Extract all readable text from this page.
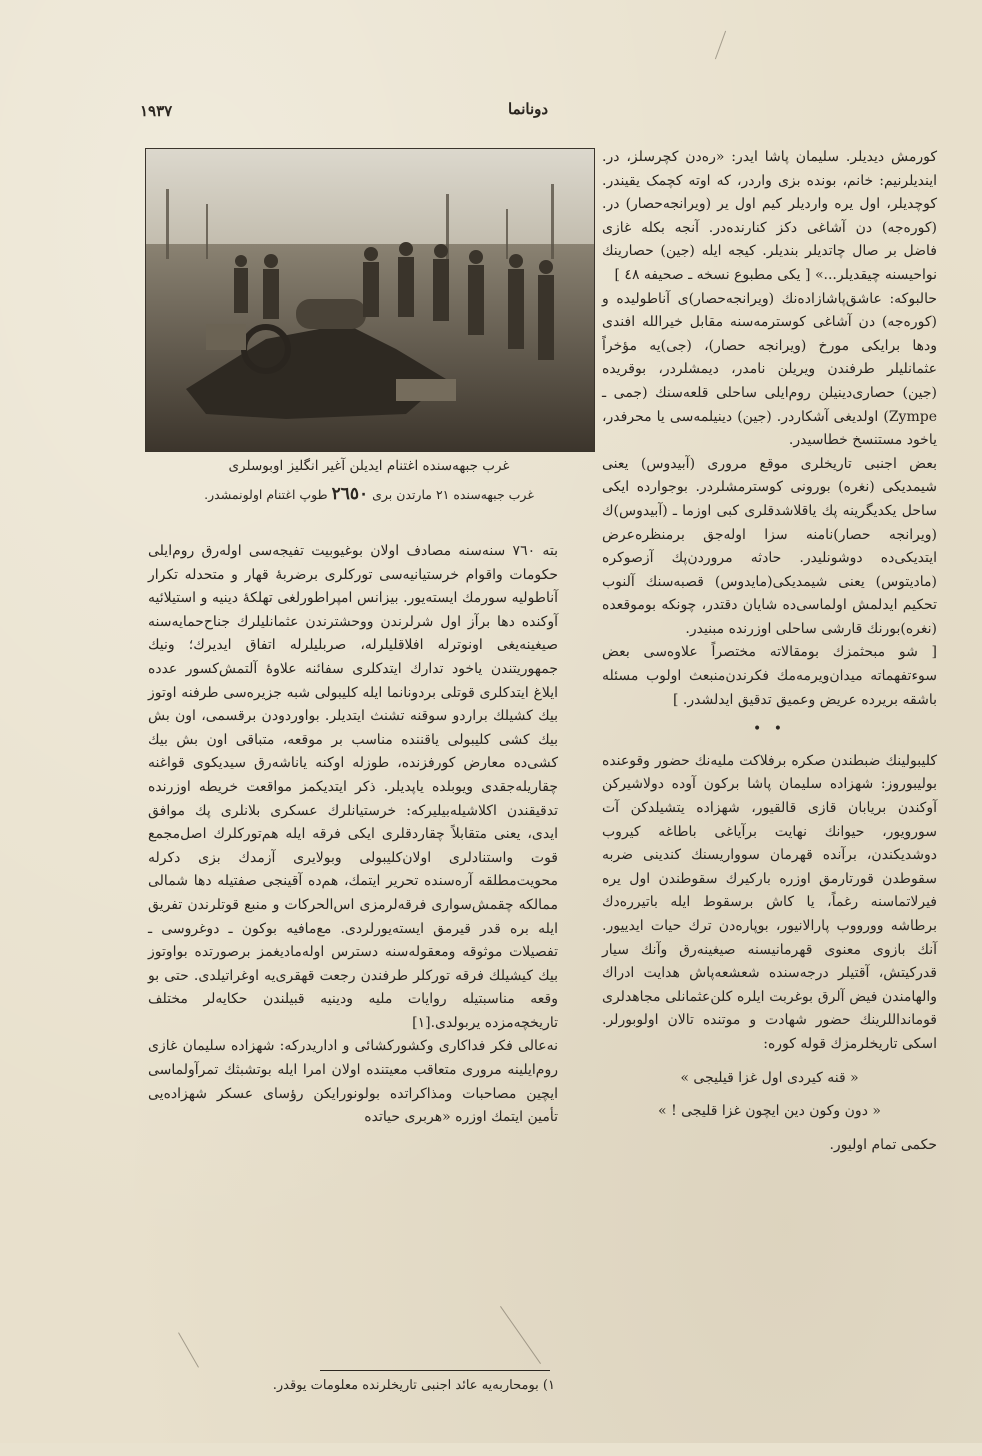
١٩٣٧	دونانما
غرب جبهه‌سنده اغتنام ایدیلن آغیر انگلیز اوبوسلری
غرب جبهه‌سنده ۲۱ مارتدن بری ٢٦٥٠ طوپ اغتنام اولونمشدر.

کورمش دیدیلر. سلیمان پاشا ایدر: «ره‌دن کچرسلز، در. ایندیلرنیم: خانم، بونده بزی واردر، که اوته کچمک یقیندر. کوچدیلر، اول یره واردیلر کیم اول یر (ویرانجه‌حصار) در. (کوره‌جه) دن آشاغی دکز کنارنده‌در. آنجه بکله غازی فاضل بر صال چاتدیلر بندیلر. کیجه ایله (جین) حصارینك نواحیسنه چیقدیلر...» [ یکی مطبوع نسخه ـ صحیفه ٤٨ ]

حالبوکه: عاشق‌پاشازاده‌نك (ویرانجه‌حصار)ی آناطولیده و (کوره‌جه) دن آشاغی کوسترمه‌سنه مقابل خیرالله افندی ودها برایکی مورخ (ویرانجه حصار)، (جی)یه مؤخراً عثمانلیلر طرفندن ویریلن نامدر، دیمشلردر، بوقریده (جین) حصاری‌دینیلن روم‌ایلی ساحلی قلعه‌سنك (جمی ـ Zympe) اولدیغی آشکاردر. (جین) دینیلمه‌سی یا محرفدر، یاخود مستنسخ خطاسیدر.

بعض اجنبی تاریخلری موقع مروری (آبیدوس) یعنی شیمدیکی (نغره) بورونی کوسترمشلردر. بوجوارده ایکی ساحل یکدیگرینه پك یاقلاشدقلری کبی اوزما ـ (آبیدوس)ك (ویرانجه حصار)نامنه سزا اوله‌جق برمنظره‌عرض ایتدیکی‌ده دوشونلیدر. حادثه مروردن‌پك آزصوکره (مادیتوس) یعنی شیمدیکی(مایدوس) قصبه‌سنك آلنوب تحکیم ایدلمش اولماسی‌ده شایان دقتدر، چونکه بوموقعده (نغره)بورنك قارشی ساحلی اوزرنده مبنیدر.

[ شو مبحثمزك بومقالاته مختصراً علاوه‌سی بعض سوءتفهماته میدان‌ویرمه‌مك فکرندن‌منبعث اولوب مسئله باشقه بریرده عریض وعمیق تدقیق ایدلشدر. ]

• •

کلیبولینك ضبطندن صکره برفلاکت ملیه‌نك حضور وقوعنده بولیبوروز: شهزاده سلیمان پاشا برکون آوده دولاشیرکن آوکندن بریابان قازی قالقیور، شهزاده یتشیلدکن آت سورویور، حیوانك نهایت برآیاغی باطاغه کیروب دوشدیکندن، برآنده قهرمان سوواریسنك کندینی ضربه سقوطدن قورتارمق اوزره بارکیرك سقوطندن اول یره فیرلاتماسنه رغماً، یا کاش برسقوط ایله باتیرره‌دك برطاشه وورووب پارالانیور، بوپاره‌دن ترك حیات ایدییور. آنك بازوی معنوی قهرمانیسنه صیغینه‌رق وآنك سیار قدرکیتش، آقتیلر درجه‌سنده شعشعه‌پاش هدایت ادراك والهامندن فیض آلرق بوغربت ایلره کلن‌عثمانلی مجاهدلری قومانداللرینك حضور شهادت و موتنده تالان اولوبورلر. اسکی تاریخلرمزك قوله کوره:

« قنه کیردی اول غزا قیلیجی »
« دون وکون دین ایچون غزا قلیجی ! »

حکمی تمام اولیور.

بته ٧٦٠ سنه‌سنه مصادف اولان بوغیوبیت تفیجه‌سی اوله‌رق روم‌ایلی حکومات واقوام خرستیانیه‌سی تورکلری برضربهٔ قهار و متحدله تکرار آناطولیه سورمك ایسته‌یور. بیزانس امپراطورلغی تهلکهٔ دینیه و استیلائیه آوکنده دها برآز اول شرلرندن ووحشترندن عثمانلیلرك جناح‌حمایه‌سنه صیغینه‌یغی اونوترله افلاقلیلرله، صربلیلرله اتفاق ایدیرك؛ ونیك جمهوریتندن یاخود تدارك ایتدکلری سفائنه علاوهٔ آلتمش‌کسور عدده ایلاغ ایتدکلری قوتلی بردونانما ایله کلیبولی شبه جزیره‌سی طرفنه اوتوز بیك کشیلك براردو سوقنه تشنث ایتدیلر. بواوردودن برقسمی، اون بش بیك کشی کلیبولی یاقننده مناسب بر موقعه، متباقی اون بش بیك کشی‌ده معارض کورفزنده، طوزله اوکنه یاناشه‌رق سیدیکوی قواغنه چقاریله‌جقدی ویوبلده یاپدیلر. ذکر ایتدیکمز مواقعت خریطه اوزرنده تدقیقندن اکلاشیله‌بیلیرکه: خرستیانلرك عسکری بلانلری پك موافق ایدی، یعنی متقابلاً چقاردقلری ایکی فرقه ایله هم‌تورکلرك اصل‌مجمع قوت واستنادلری اولان‌کلیبولی وبولایری آزمدك بزی دکرله محویت‌مطلقه آره‌سنده تحریر ایتمك، هم‌ده آقینجی صفتیله دها شمالی ممالکه چقمش‌سواری فرقه‌لرمزی اس‌الحرکات و منبع قوتلرندن تفریق ایله بره قدر قیرمق ایسته‌یورلردی. مع‌مافیه بوکون ـ دوغروسی ـ تفصیلات موثوقه ومعقوله‌سنه دسترس اوله‌مادیغمز برصورتده بواوتوز بیك کیشیلك فرقه تورکلر طرفندن رجعت قهقری‌یه اوغراتیلدی. حتی بو وقعه مناسبتیله روایات ملیه ودینیه قبیلندن حکایه‌لر مختلف تاریخچه‌مزده یربولدی.[١]

نه‌عالی فکر فداکاری وکشورکشائی و اداریدرکه: شهزاده سلیمان غازی روم‌ایلینه مروری متعاقب معیتنده اولان امرا ایله بوتشبثك تمرآولماسی ایچین مصاحبات ومذاکراتده بولونورایکن رؤسای عسکر شهزاده‌یی تأمین ایتمك اوزره «هربری حیاتده

١) بومحاربه‌یه عائد اجنبی تاریخلرنده معلومات یوقدر.
